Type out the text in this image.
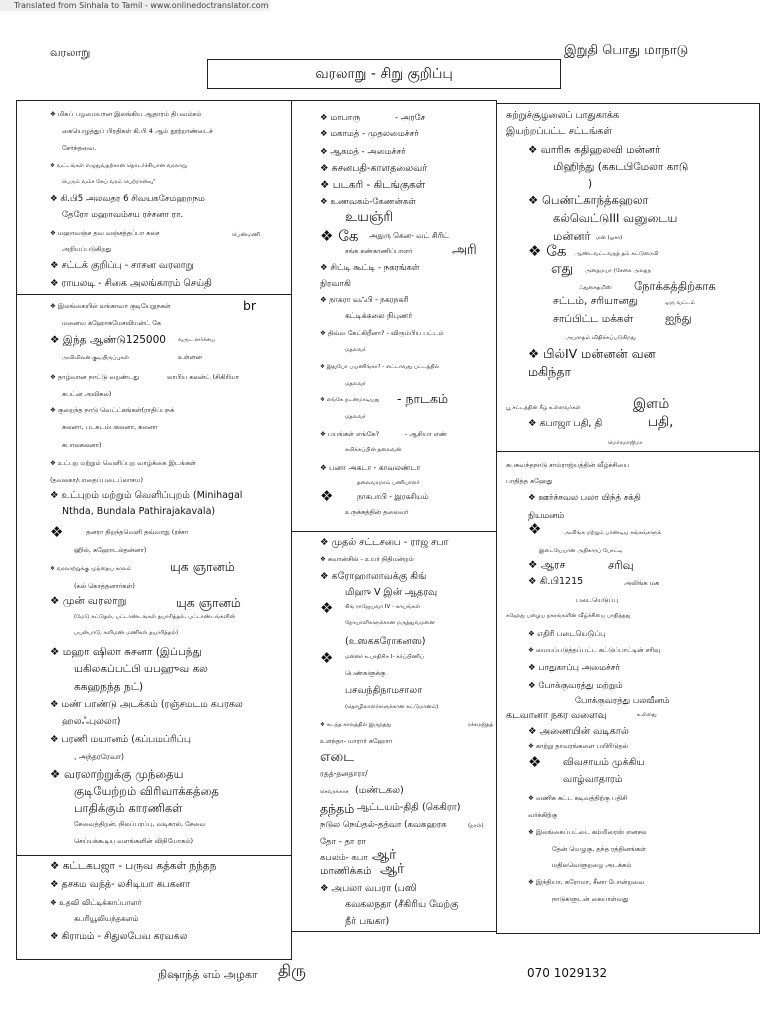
Translated from Sinhala to Tamil - www.onlinedoctranslator.com
வரலாறு	இறுதி பொது மாநாடு
வரலாறு - சிறு குறிப்பு
❖ மிகப் பழமையான இலங்கிய ஆதாரம் திபவம்சம்
கையெழுத்துப் பிரதிகள் கி.பி 4 ஆம் நூற்றாண்டைச்
சேர்ந்தவை.
❖ வட்டங்கள் எழுதுவதற்கான தொடர்ச்சியான வரலாறு
பெரும் வம்ச சேய் வரம் பெற்றான்வு"
❖ கி.பி5 அலவதர 6 சிவயகசேமஹறநம
தேரோ மஹாவம்சய ரச்சனா ரா.
❖ மஹாவஞ்ச தவ வஞ்சத்தப்பா கலச	பெண்மணி
அறியப்படுகிறது
❖ சட்டக் குறிப்பு - சாசன வரலாறு
❖ ராயலடி - சிகை அலங்காரம் செய்தி
❖ இலங்கையில் லங்காவா குடியேறுநகள்	br
மனைவ கஹோகமேசவியன்ட் கே
❖ இந்த ஆண்டு125000 வருட ஸர்க்கய
அவிவிலன் குடியிருப்புகள்	உள்ளன
❖ தாழ்வான நாட்டு வறண்டது	லாபிய கலன்ட் (சிகிரியா
கபட்ன அவிகல)
❖ குறைந்த நாடு வெட்ட்கங்கள்(ராதிப்பநக்
கலனா, படகடம்பகலனா, கலனா
கபாலகலனா)
❖ உட்புற மற்றும் வெளிப்புற வாழ்க்கை இடங்கள்
(தவலகா/பாதைப்படைப்லாசய)
❖ உட்புறம் மற்றும் வெளிப்புறம் (Minihagal
Nthda, Bundala Pathirajakavala)
❖	தனரா திறந்தவெளி தவ்வாநு (ரச்சா
ஹில், கஹோடல்தன்னா)
❖ வரலாற்றுக்கு முந்தைய காலம்	யுக ஞானம்
(கல் கொத்தனார்கள்)
❖ முன் வரலாறு	யுக ஞானம்
(மேடு கட்டுதல், பட்டாண்டங்கள் தயாரித்தல், பட்டாண்டங்களின்
பயன்பாடு, களிமண் மணிகள் தயாரித்தல்)
❖ மஹா ஷிலா சுசனா (இப்பந்து
யகிலகப்பட்பி யபஹுவ கல
ககஹநந்த நட்)
❖ மண் பாண்டு அடக்கம் (ரஞ்சமடம கபரகல
ஹலஃபுலலா)
❖ பரணி மயானம் (கப்பமப்ரிப்பு
, அந்தரரேவா)
❖ வரலாற்றுக்கு முந்தைய
குடியேற்றம் விரிவாக்கத்தை
பாதிக்கும் காரணிகள்
சேவைத்திறன், நிலப்பரப்பு, வடிகால், சேவை
செய்யக்கூடிய வளங்களின் விநியோகம்)
❖ கட்டகபஜா - பருவ கத்கள் நந்தந
❖ தசகம வந்த்- லசிடியா கபகனா
❖ உதவி விட்டிக்காப்பாளர்
கபரியூலியந்தகளம்
❖ கிராமம் - சிதுலபேவ கரவகல
❖ மாபாரு	- அரசே
❖ மகாமத் - முதலமைச்சர்
❖ ஆகமத் - அமைச்சர்
❖ சுசனபதி-காளதலைவர்
❖ படகரி - கிடங்குகள்
❖ உணவகம்-கேணன்கள்
உயஞ்ரி
❖ கே அதுரு கென- வட் சிரிட்
சங்க கண்காணிப்பாளர்	அரி
❖ சிட்டி கூட்டி - நகரங்கள்
நிரவாகி
❖ நாகரா வஃபி - நகரநகரி
கட்டிக்கலை நிபுணர்
❖ திவ்வ கேட்கிறீனா? - விரும்பிய பட்டம்
மதலவர்
❖ இதுபோ பயணிங்கா? - எட்டாவது பட்டத்தில்
மதலவர்
❖ எங்கே நடனமாடியது - நாடகம்
மதலவர்
❖ பயங்கள் எங்கே?	- ஆசியா எண்
சவிக்கப்பின் தலைவன்
❖ பனா அகடா - காவலண்டா
தலைவரமாம் பணியாளர்
❖	நாகபாபி - இரகசியம்
உருக்கத்தின் தலைவர்
❖ முதல் சட்டசபை - ராஜ சபா
❖ கவான்சில் - உயர் நிதிமன்றம்
❖ கரோஹாலாவக்கு கிங்
மிஹு V இன் ஆதரவு
❖ கிங் ராஜேயவா IV - காயங்கள்
நோயாளிகளுக்கான மருத்துவமனை
(உஸககரோகனஸ)
❖ மன்னர் உபாதிசிசு I- கர்ப்பிணிப்
பெண்களுக்கு
பசவந்திநாமசாலா
(தொழிலாளர்களுக்கான கட்டுமானம்)
❖ கடந்த காலத்தில் இருந்தது	ரச்சமஜ்தத்
உளந்தா- மாரார் கஹோா
எடை
ரதத்-தனதாரா/
செவரக்காச (மண்டகல)
தந்தம் ஆட்டயம்-திதி (கெகிரா)
நடுல நெய்தல்-தத்வா (கவகஹரக	(நாள்)
தோ - தா ரா
கபலம்- கபா ஆர்
மாணிக்கம் ஆர்
❖ அபலா வபரா (பஸி
கவகலநதா (சீகிரிய மேற்கு
நீர் பஙகா)
சுற்றுச்சூழலைப் பாதுகாக்க
இயற்றப்பட்ட சட்டங்கள்
❖ வாரிசு கதிஹலவி மன்னர்
மிஹிந்து (ககடபிமேலா காடு
)
❖ பெண்ட்காந்த்கஹலா
கல்வெட்டுIII வனுடைய
மன்னர் மன் (ஓசா)
❖ கே ஆண்டவட்டவநத் தம் கட்டுரைவி
எது அதைமயா (சேகை அலதந
ஃதுகைதமிஸ் நோக்கத்திற்காக
சட்டம், சரியானது	ஒரு வட்டம்
சாப்பிட்ட மக்கள்	ஐந்து
அபராதம் விதிக்கப்படுகிறது
❖ பில்IV மன்னன் வன
மகிந்தா
பூ சட்டத்தின் கீழ் உள்ளவர்கள்	இளம்
❖ கபாஜா பதி, தி	பதி,
மெர்ரமாஜிமா
கபசுவந்தநாடு சாம்ராஜ்யத்தின் வீழ்ச்சியை
பாதித்த கஹேது
❖ ஊர்ச்சவல பலா யிந்த் சக்தி
நியமனம்
❖	அவிங்க மற்றும் பாண்டிய சுங்கங்களுக்
இடையேயான அதிகாரப் போட்டி
❖ ஆரச	சரிவு
❖ கி.பி1215	அலிங்க மக
படையெடுப்பு
கஹேது பழைய நகரங்களின் வீழ்ச்சியை பாதித்தது
❖ எதிரி படையெடுப்பு
❖ மையப்படுத்தப்பட்ட கட்டுப்பாட்டின் சரிவு
❖ பாதுகாப்பு அமைச்சர்
❖ போக்குவரத்து மற்றும்
போக்குவரத்து பலவீனம்
கடவானா நகர வளைவு	உள்ளது
❖ அணையின் வடிகால்
❖ காற்று தாவரங்களை பயிரிடுதல்
❖ விவசாயம் முக்கிய
வாழ்வாதாரம்
❖ வணிக கட்ட கடிவத்திற்கு பதிசி
வர்க்கிற்கு
❖ இலங்கைப்பட்டை கம்மிரைஸ் எனசல
தேன் மெழுகு, தந்த ரத்தினங்கள்
மதிலவெளுறழை அடக்கம்
❖ இந்தியா, கரோமா, சீனா போன்றவை
நாடுகளுடன் கையாள்வது
நிஷாந்த் எம் அழகா திரு	070 1029132
